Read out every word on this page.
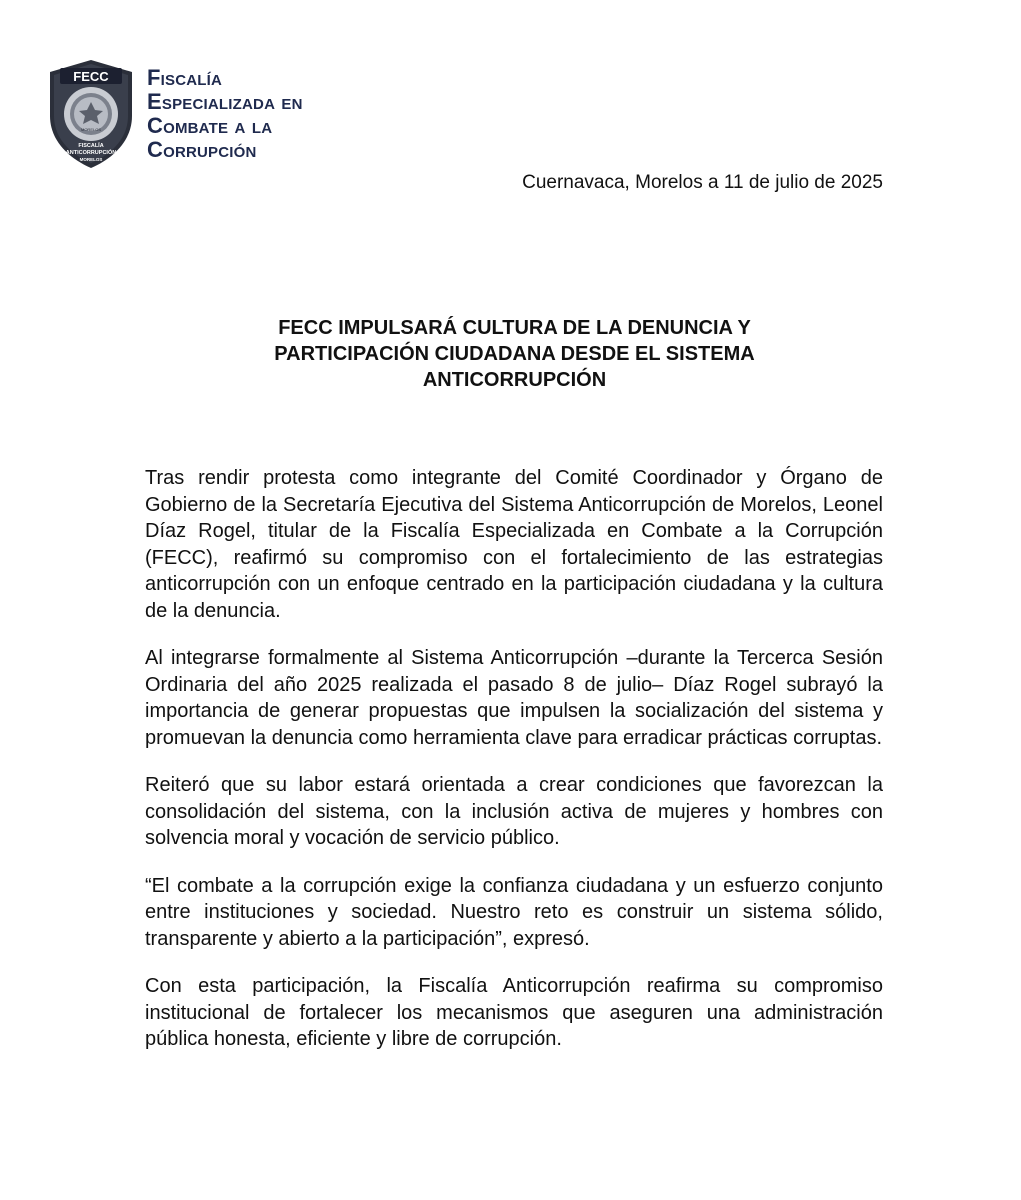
FECC
MORELOS
FISCALÍA
ANTICORRUPCIÓN
MORELOS
Fiscalía
Especializada en
Combate a la
Corrupción
Cuernavaca, Morelos a 11 de julio de 2025
FECC IMPULSARÁ CULTURA DE LA DENUNCIA Y
PARTICIPACIÓN CIUDADANA DESDE EL SISTEMA
ANTICORRUPCIÓN

Tras rendir protesta como integrante del Comité Coordinador y Órgano de Gobierno de la Secretaría Ejecutiva del Sistema Anticorrupción de Morelos, Leonel Díaz Rogel, titular de la Fiscalía Especializada en Combate a la Corrupción (FECC), reafirmó su compromiso con el fortalecimiento de las estrategias anticorrupción con un enfoque centrado en la participación ciudadana y la cultura de la denuncia.

Al integrarse formalmente al Sistema Anticorrupción –durante la Tercerca Sesión Ordinaria del año 2025 realizada el pasado 8 de julio– Díaz Rogel subrayó la importancia de generar propuestas que impulsen la socialización del sistema y promuevan la denuncia como herramienta clave para erradicar prácticas corruptas.

Reiteró que su labor estará orientada a crear condiciones que favorezcan la consolidación del sistema, con la inclusión activa de mujeres y hombres con solvencia moral y vocación de servicio público.

“El combate a la corrupción exige la confianza ciudadana y un esfuerzo conjunto entre instituciones y sociedad. Nuestro reto es construir un sistema sólido, transparente y abierto a la participación”, expresó.

Con esta participación, la Fiscalía Anticorrupción reafirma su compromiso institucional de fortalecer los mecanismos que aseguren una administración pública honesta, eficiente y libre de corrupción.
